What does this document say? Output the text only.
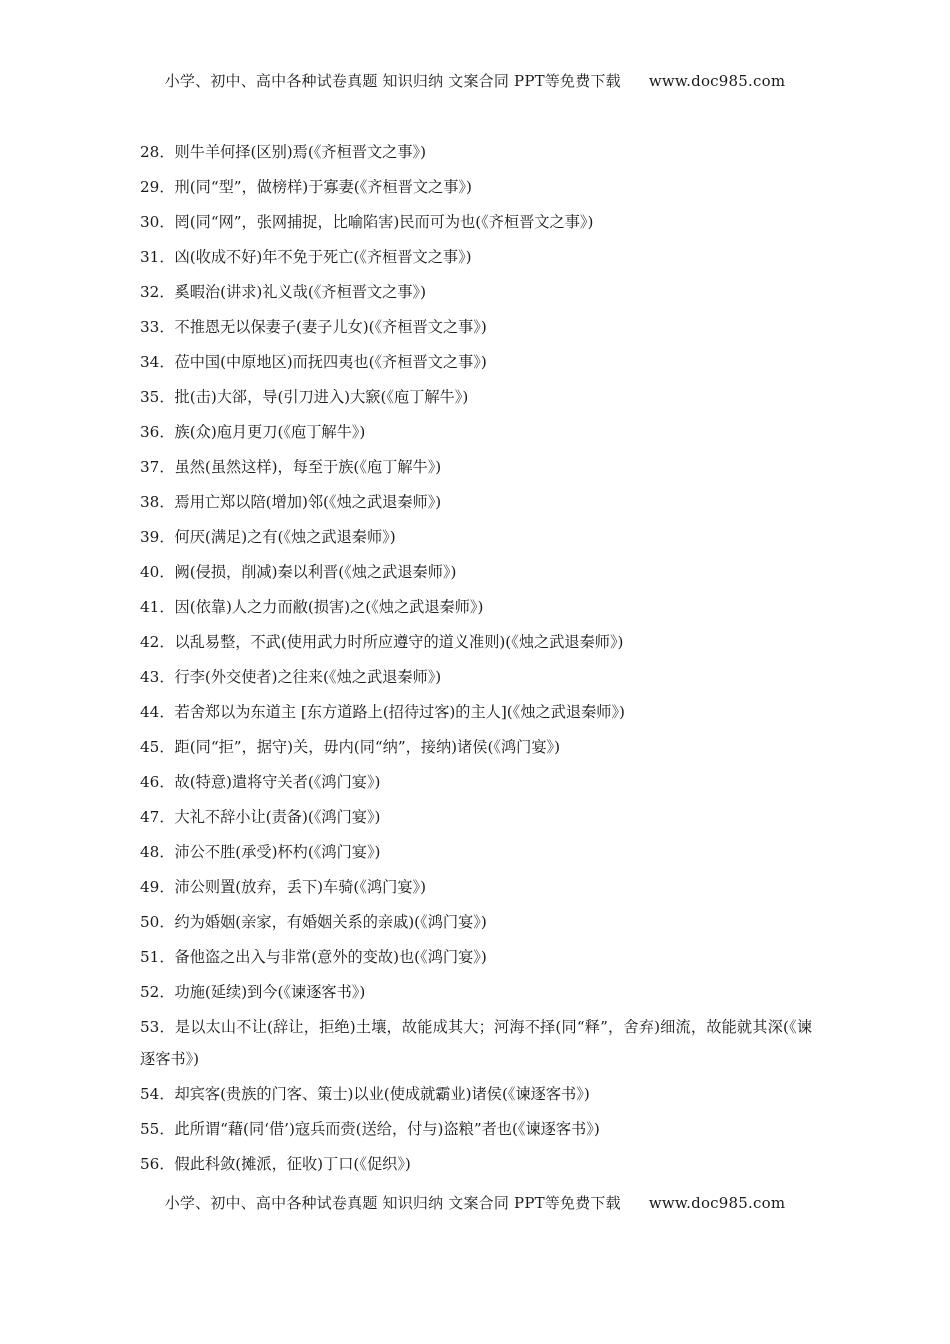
小学、初中、高中各种试卷真题 知识归纳 文案合同 PPT等免费下载 www.doc985.com
28．则牛羊何择(区别)焉(《齐桓晋文之事》)
29．刑(同“型”，做榜样)于寡妻(《齐桓晋文之事》)
30．罔(同“网”，张网捕捉，比喻陷害)民而可为也(《齐桓晋文之事》)
31．凶(收成不好)年不免于死亡(《齐桓晋文之事》)
32．奚暇治(讲求)礼义哉(《齐桓晋文之事》)
33．不推恩无以保妻子(妻子儿女)(《齐桓晋文之事》)
34．莅中国(中原地区)而抚四夷也(《齐桓晋文之事》)
35．批(击)大郤，导(引刀进入)大窾(《庖丁解牛》)
36．族(众)庖月更刀(《庖丁解牛》)
37．虽然(虽然这样)，每至于族(《庖丁解牛》)
38．焉用亡郑以陪(增加)邻(《烛之武退秦师》)
39．何厌(满足)之有(《烛之武退秦师》)
40．阙(侵损，削减)秦以利晋(《烛之武退秦师》)
41．因(依靠)人之力而敝(损害)之(《烛之武退秦师》)
42．以乱易整，不武(使用武力时所应遵守的道义准则)(《烛之武退秦师》)
43．行李(外交使者)之往来(《烛之武退秦师》)
44．若舍郑以为东道主 [东方道路上(招待过客)的主人](《烛之武退秦师》)
45．距(同“拒”，据守)关，毋内(同“纳”，接纳)诸侯(《鸿门宴》)
46．故(特意)遣将守关者(《鸿门宴》)
47．大礼不辞小让(责备)(《鸿门宴》)
48．沛公不胜(承受)杯杓(《鸿门宴》)
49．沛公则置(放弃，丢下)车骑(《鸿门宴》)
50．约为婚姻(亲家，有婚姻关系的亲戚)(《鸿门宴》)
51．备他盗之出入与非常(意外的变故)也(《鸿门宴》)
52．功施(延续)到今(《谏逐客书》)
53．是以太山不让(辞让，拒绝)土壤，故能成其大；河海不择(同“释”，舍弃)细流，故能就其深(《谏逐客书》)
54．却宾客(贵族的门客、策士)以业(使成就霸业)诸侯(《谏逐客书》)
55．此所谓“藉(同‘借’)寇兵而赍(送给，付与)盗粮”者也(《谏逐客书》)
56．假此科敛(摊派，征收)丁口(《促织》)
小学、初中、高中各种试卷真题 知识归纳 文案合同 PPT等免费下载 www.doc985.com
